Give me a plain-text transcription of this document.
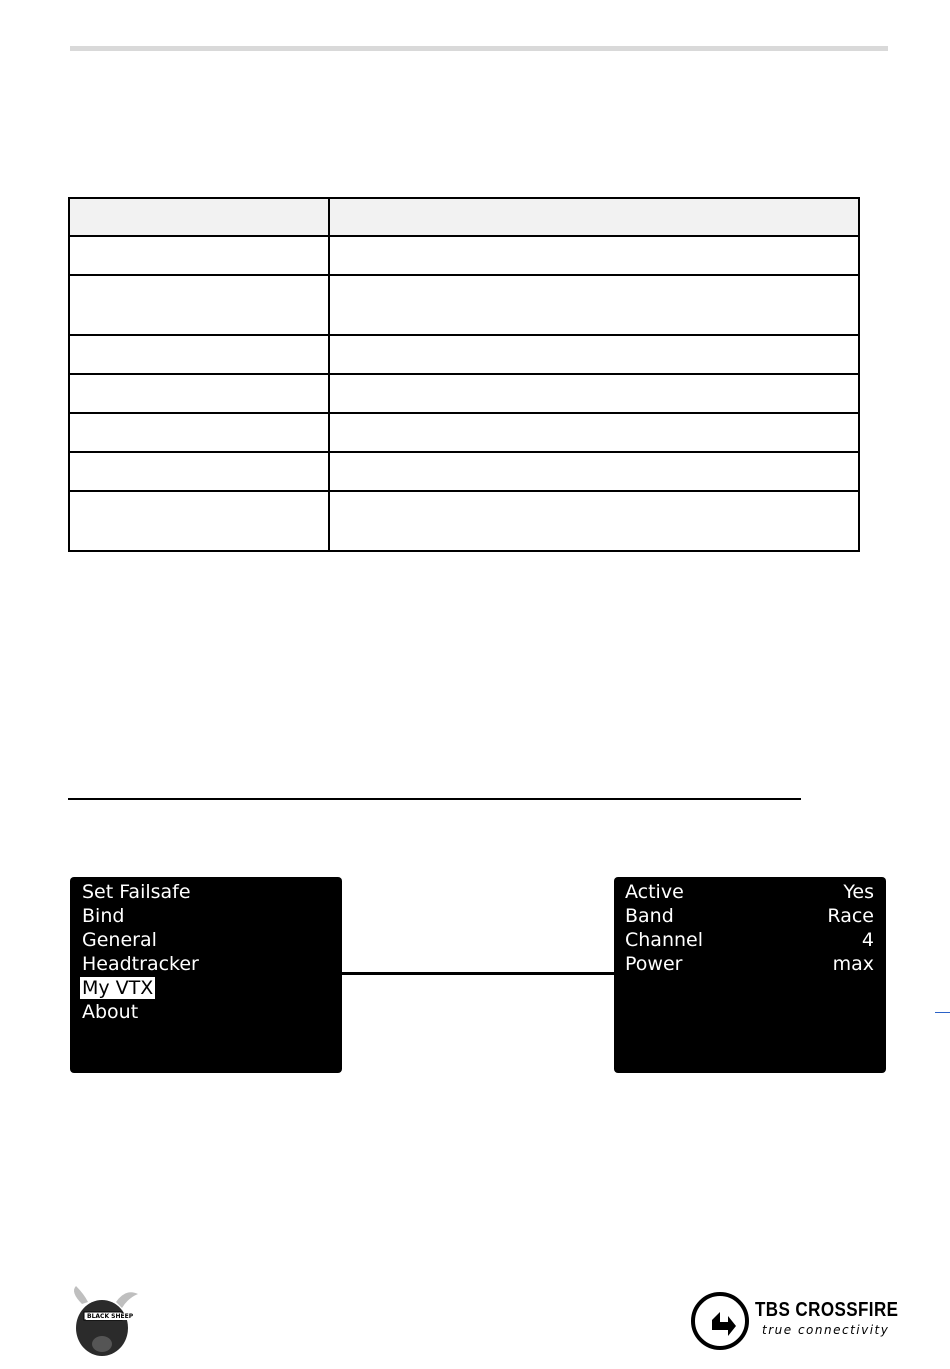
Set Failsafe
Bind
General
Headtracker
My VTX
About
Active	Yes
Band	Race
Channel	4
Power	max
BLACK SHEEP	TBS CROSSFIRE
true connectivity
